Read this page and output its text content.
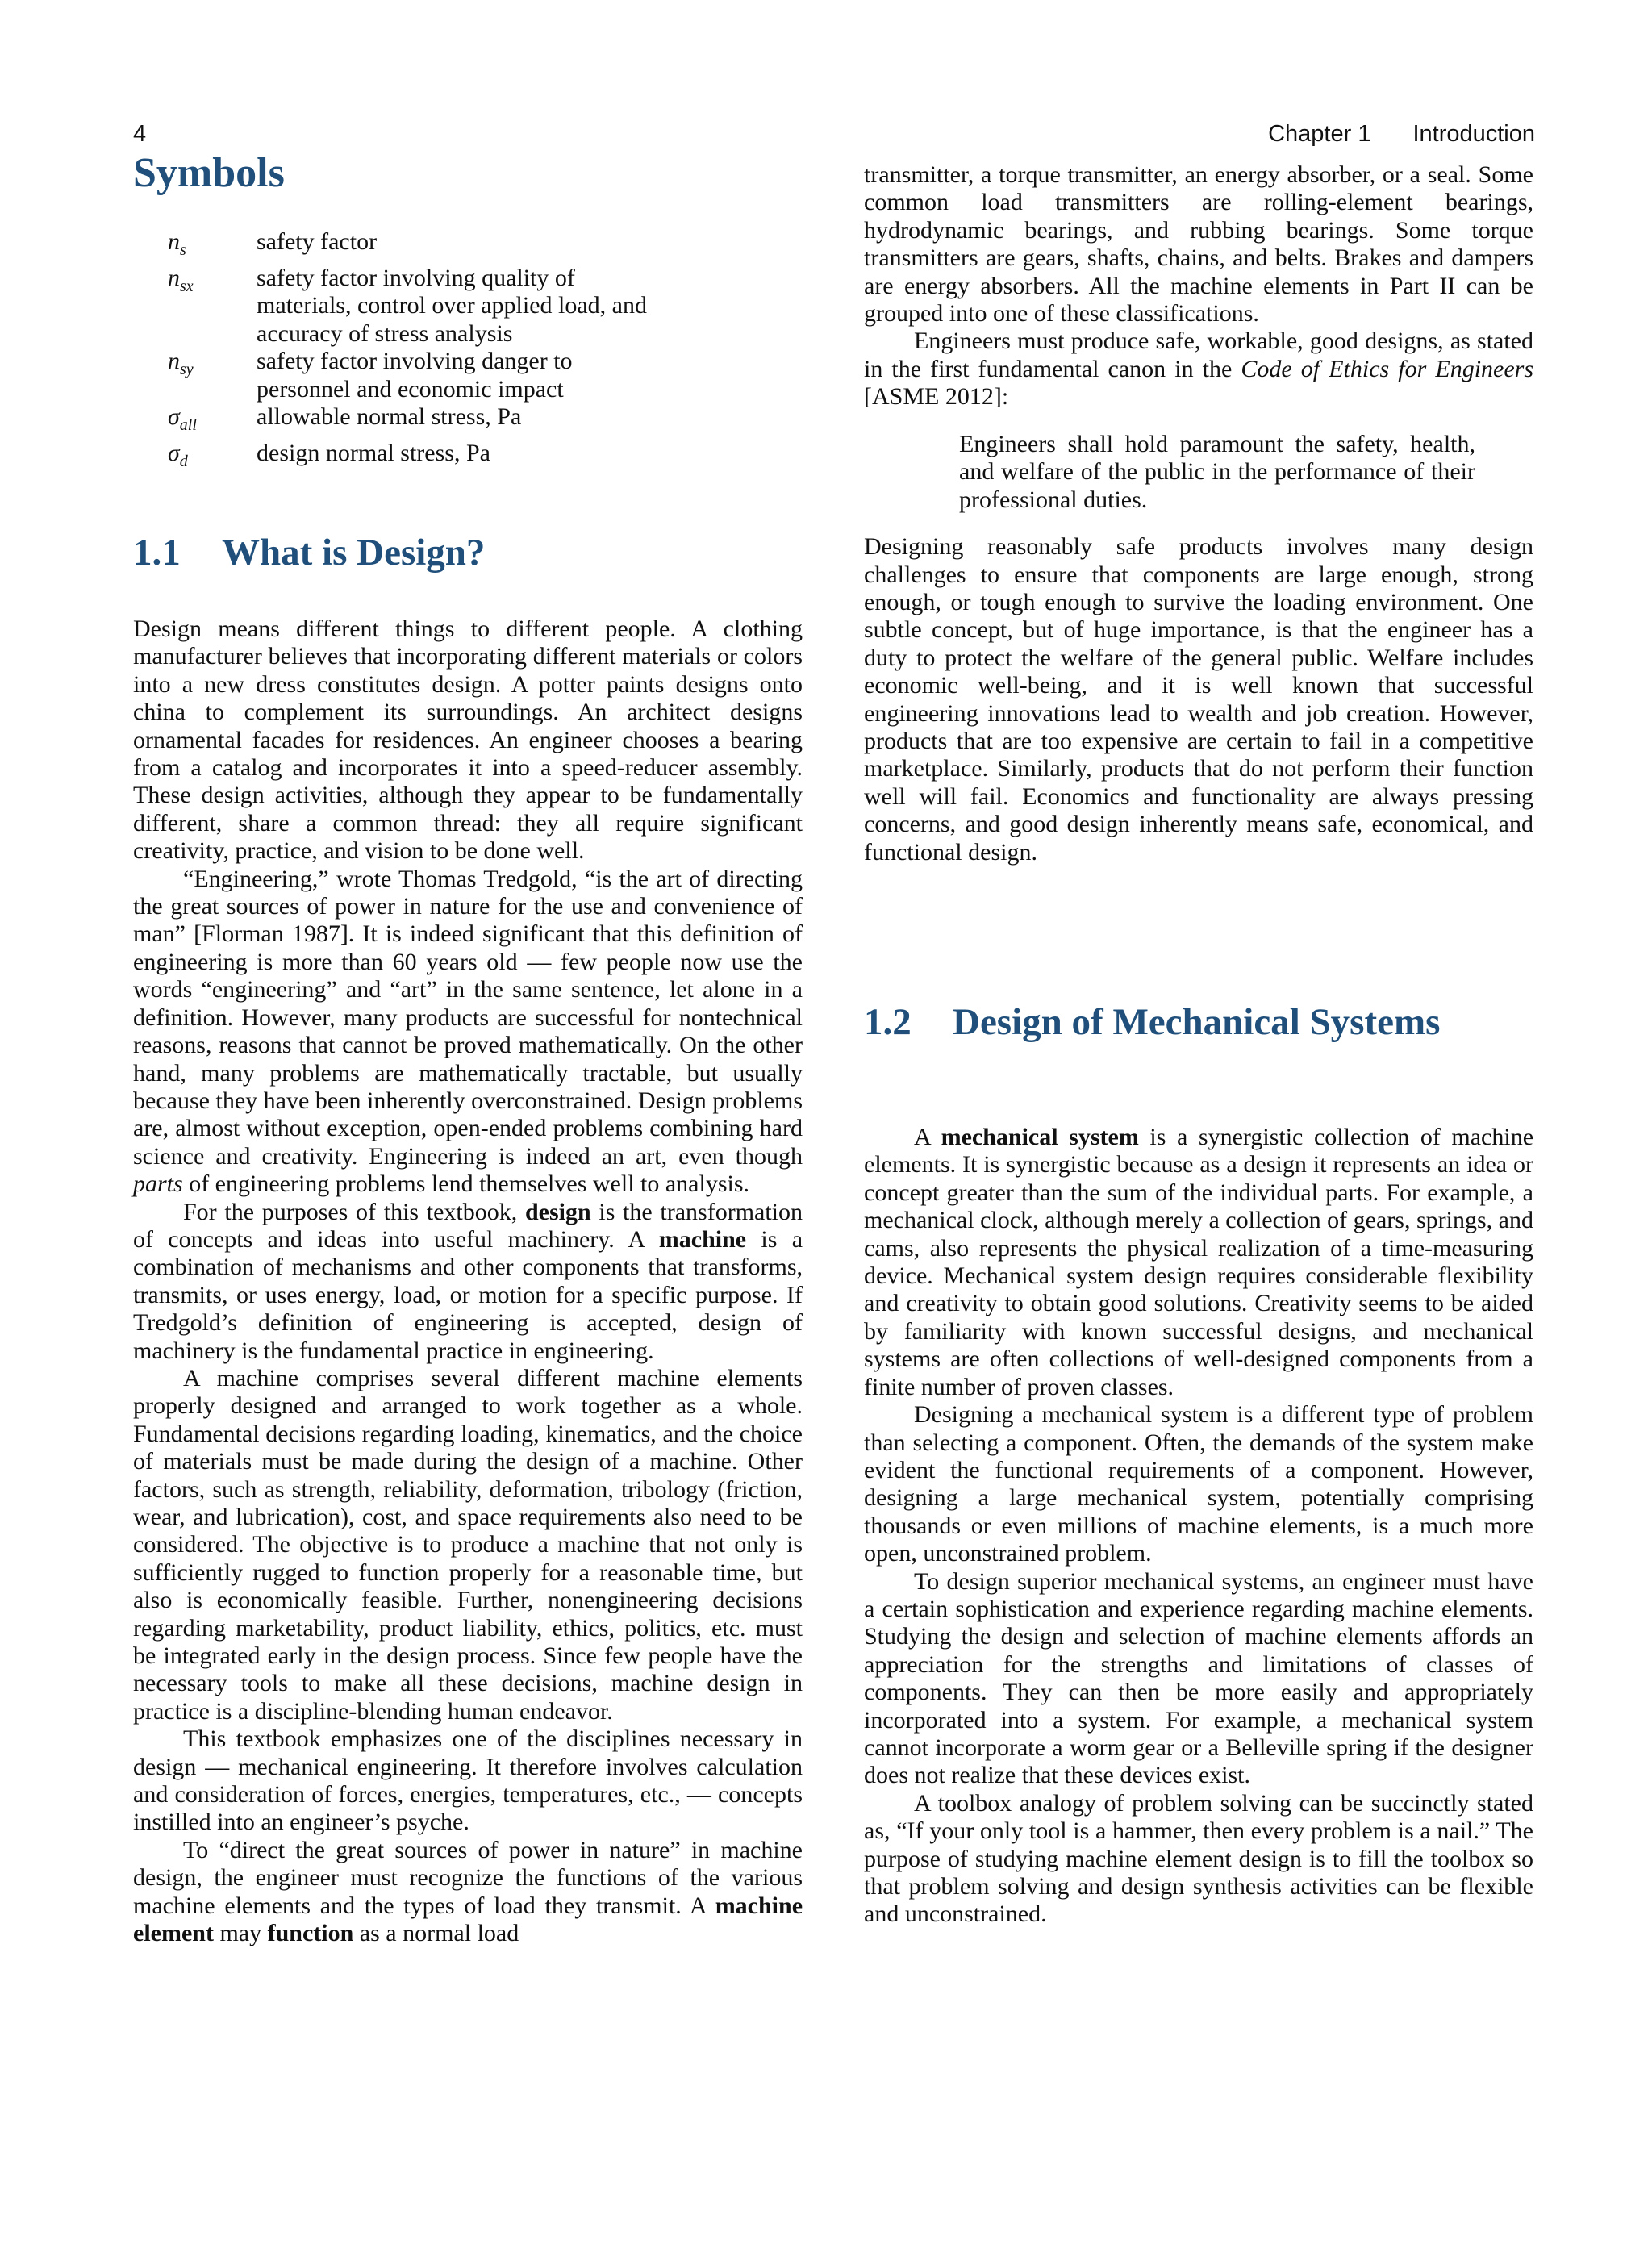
4	Chapter 1 Introduction
Symbols
$n_s$	safety factor
$n_{sx}$	safety factor involving quality of materials, control over applied load, and accuracy of stress analysis
$n_{sy}$	safety factor involving danger to personnel and economic impact
$\sigma_{all}$	allowable normal stress, Pa
$\sigma_d$	design normal stress, Pa
1.1 What is Design?

Design means different things to different people. A clothing manufacturer believes that incorporating different materials or colors into a new dress constitutes design. A potter paints designs onto china to complement its surroundings. An architect designs ornamental facades for residences. An engineer chooses a bearing from a catalog and incorporates it into a speed-reducer assembly. These design activities, although they appear to be fundamentally different, share a common thread: they all require significant creativity, practice, and vision to be done well.

“Engineering,” wrote Thomas Tredgold, “is the art of directing the great sources of power in nature for the use and convenience of man” [Florman 1987]. It is indeed significant that this definition of engineering is more than 60 years old — few people now use the words “engineering” and “art” in the same sentence, let alone in a definition. However, many products are successful for nontechnical reasons, reasons that cannot be proved mathematically. On the other hand, many problems are mathematically tractable, but usually because they have been inherently overconstrained. Design problems are, almost without exception, open-ended problems combining hard science and creativity. Engineering is indeed an art, even though parts of engineering problems lend themselves well to analysis.

For the purposes of this textbook, design is the transformation of concepts and ideas into useful machinery. A machine is a combination of mechanisms and other components that transforms, transmits, or uses energy, load, or motion for a specific purpose. If Tredgold’s definition of engineering is accepted, design of machinery is the fundamental practice in engineering.

A machine comprises several different machine elements properly designed and arranged to work together as a whole. Fundamental decisions regarding loading, kinematics, and the choice of materials must be made during the design of a machine. Other factors, such as strength, reliability, deformation, tribology (friction, wear, and lubrication), cost, and space requirements also need to be considered. The objective is to produce a machine that not only is sufficiently rugged to function properly for a reasonable time, but also is economically feasible. Further, nonengineering decisions regarding marketability, product liability, ethics, politics, etc. must be integrated early in the design process. Since few people have the necessary tools to make all these decisions, machine design in practice is a discipline-blending human endeavor.

This textbook emphasizes one of the disciplines necessary in design — mechanical engineering. It therefore involves calculation and consideration of forces, energies, temperatures, etc., — concepts instilled into an engineer’s psyche.

To “direct the great sources of power in nature” in machine design, the engineer must recognize the functions of the various machine elements and the types of load they transmit. A machine element may function as a normal load

transmitter, a torque transmitter, an energy absorber, or a seal. Some common load transmitters are rolling-element bearings, hydrodynamic bearings, and rubbing bearings. Some torque transmitters are gears, shafts, chains, and belts. Brakes and dampers are energy absorbers. All the machine elements in Part II can be grouped into one of these classifications.

Engineers must produce safe, workable, good designs, as stated in the first fundamental canon in the Code of Ethics for Engineers [ASME 2012]:

Engineers shall hold paramount the safety, health, and welfare of the public in the performance of their professional duties.

Designing reasonably safe products involves many design challenges to ensure that components are large enough, strong enough, or tough enough to survive the loading environment. One subtle concept, but of huge importance, is that the engineer has a duty to protect the welfare of the general public. Welfare includes economic well-being, and it is well known that successful engineering innovations lead to wealth and job creation. However, products that are too expensive are certain to fail in a competitive marketplace. Similarly, products that do not perform their function well will fail. Economics and functionality are always pressing concerns, and good design inherently means safe, economical, and functional design.

1.2 Design of Mechanical Systems

A mechanical system is a synergistic collection of machine elements. It is synergistic because as a design it represents an idea or concept greater than the sum of the individual parts. For example, a mechanical clock, although merely a collection of gears, springs, and cams, also represents the physical realization of a time-measuring device. Mechanical system design requires considerable flexibility and creativity to obtain good solutions. Creativity seems to be aided by familiarity with known successful designs, and mechanical systems are often collections of well-designed components from a finite number of proven classes.

Designing a mechanical system is a different type of problem than selecting a component. Often, the demands of the system make evident the functional requirements of a component. However, designing a large mechanical system, potentially comprising thousands or even millions of machine elements, is a much more open, unconstrained problem.

To design superior mechanical systems, an engineer must have a certain sophistication and experience regarding machine elements. Studying the design and selection of machine elements affords an appreciation for the strengths and limitations of classes of components. They can then be more easily and appropriately incorporated into a system. For example, a mechanical system cannot incorporate a worm gear or a Belleville spring if the designer does not realize that these devices exist.

A toolbox analogy of problem solving can be succinctly stated as, “If your only tool is a hammer, then every problem is a nail.” The purpose of studying machine element design is to fill the toolbox so that problem solving and design synthesis activities can be flexible and unconstrained.
